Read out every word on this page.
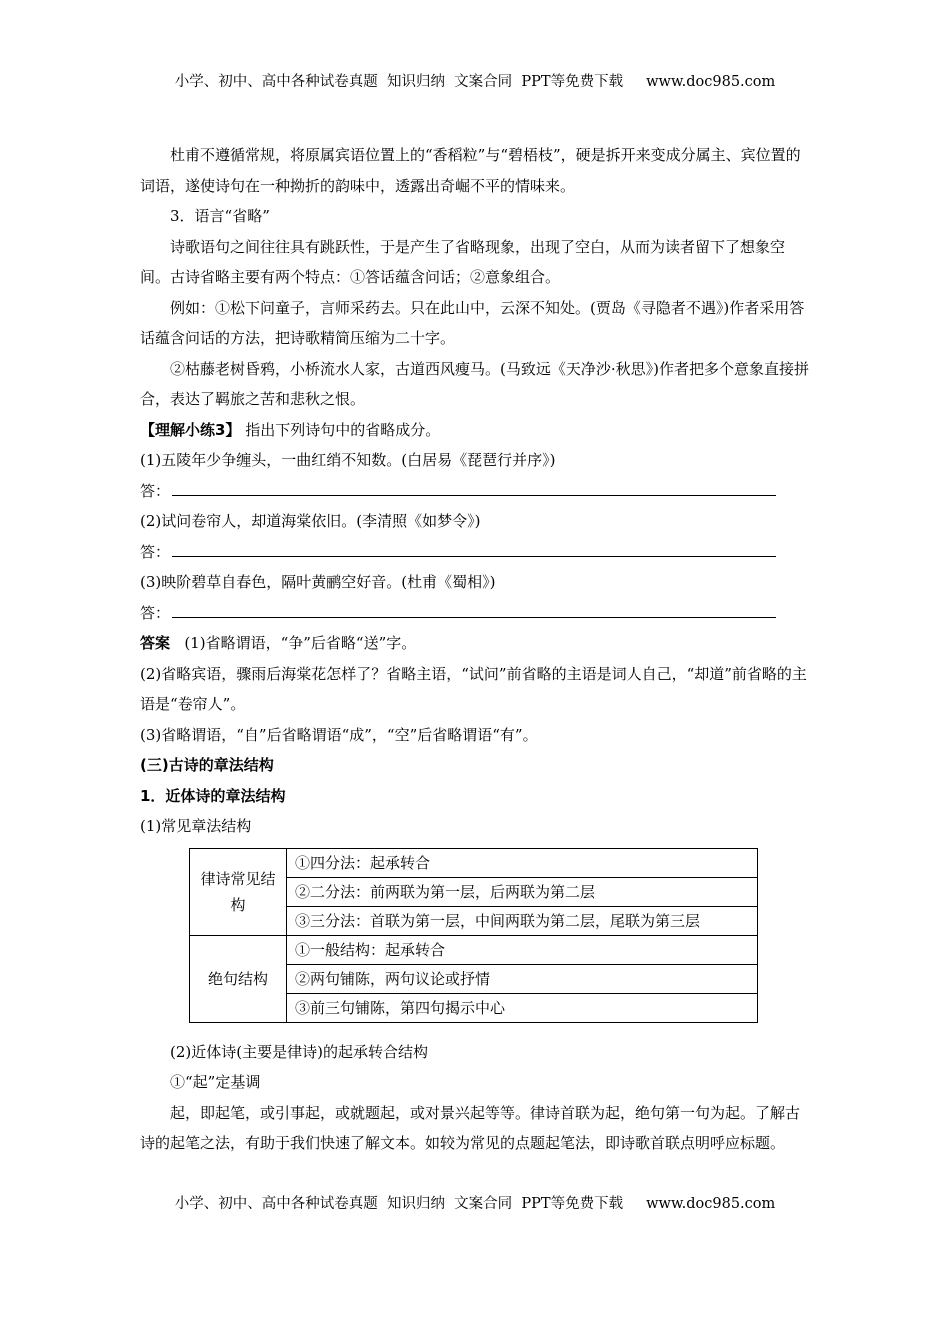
小学、初中、高中各种试卷真题  知识归纳  文案合同  PPT等免费下载     www.doc985.com

杜甫不遵循常规，将原属宾语位置上的“香稻粒”与“碧梧枝”，硬是拆开来变成分属主、宾位置的词语，遂使诗句在一种拗折的韵味中，透露出奇崛不平的情味来。

3．语言“省略”

诗歌语句之间往往具有跳跃性，于是产生了省略现象，出现了空白，从而为读者留下了想象空间。古诗省略主要有两个特点：①答话蕴含问话；②意象组合。

例如：①松下问童子，言师采药去。只在此山中，云深不知处。(贾岛《寻隐者不遇》)作者采用答话蕴含问话的方法，把诗歌精简压缩为二十字。

②枯藤老树昏鸦，小桥流水人家，古道西风瘦马。(马致远《天净沙·秋思》)作者把多个意象直接拼合，表达了羁旅之苦和悲秋之恨。

【理解小练3】 指出下列诗句中的省略成分。

(1)五陵年少争缠头，一曲红绡不知数。(白居易《琵琶行并序》)

答：

(2)试问卷帘人，却道海棠依旧。(李清照《如梦令》)

答：

(3)映阶碧草自春色，隔叶黄鹂空好音。(杜甫《蜀相》)

答：

答案 (1)省略谓语，“争”后省略“送”字。

(2)省略宾语，骤雨后海棠花怎样了？省略主语，“试问”前省略的主语是词人自己，“却道”前省略的主语是“卷帘人”。

(3)省略谓语，“自”后省略谓语“成”，“空”后省略谓语“有”。

(三)古诗的章法结构

1．近体诗的章法结构

(1)常见章法结构

律诗常见结构	①四分法：起承转合
	②二分法：前两联为第一层，后两联为第二层
	③三分法：首联为第一层，中间两联为第二层，尾联为第三层
绝句结构	①一般结构：起承转合
	②两句铺陈，两句议论或抒情
	③前三句铺陈，第四句揭示中心

(2)近体诗(主要是律诗)的起承转合结构

①“起”定基调

起，即起笔，或引事起，或就题起，或对景兴起等等。律诗首联为起，绝句第一句为起。了解古诗的起笔之法，有助于我们快速了解文本。如较为常见的点题起笔法，即诗歌首联点明呼应标题。

小学、初中、高中各种试卷真题  知识归纳  文案合同  PPT等免费下载     www.doc985.com
